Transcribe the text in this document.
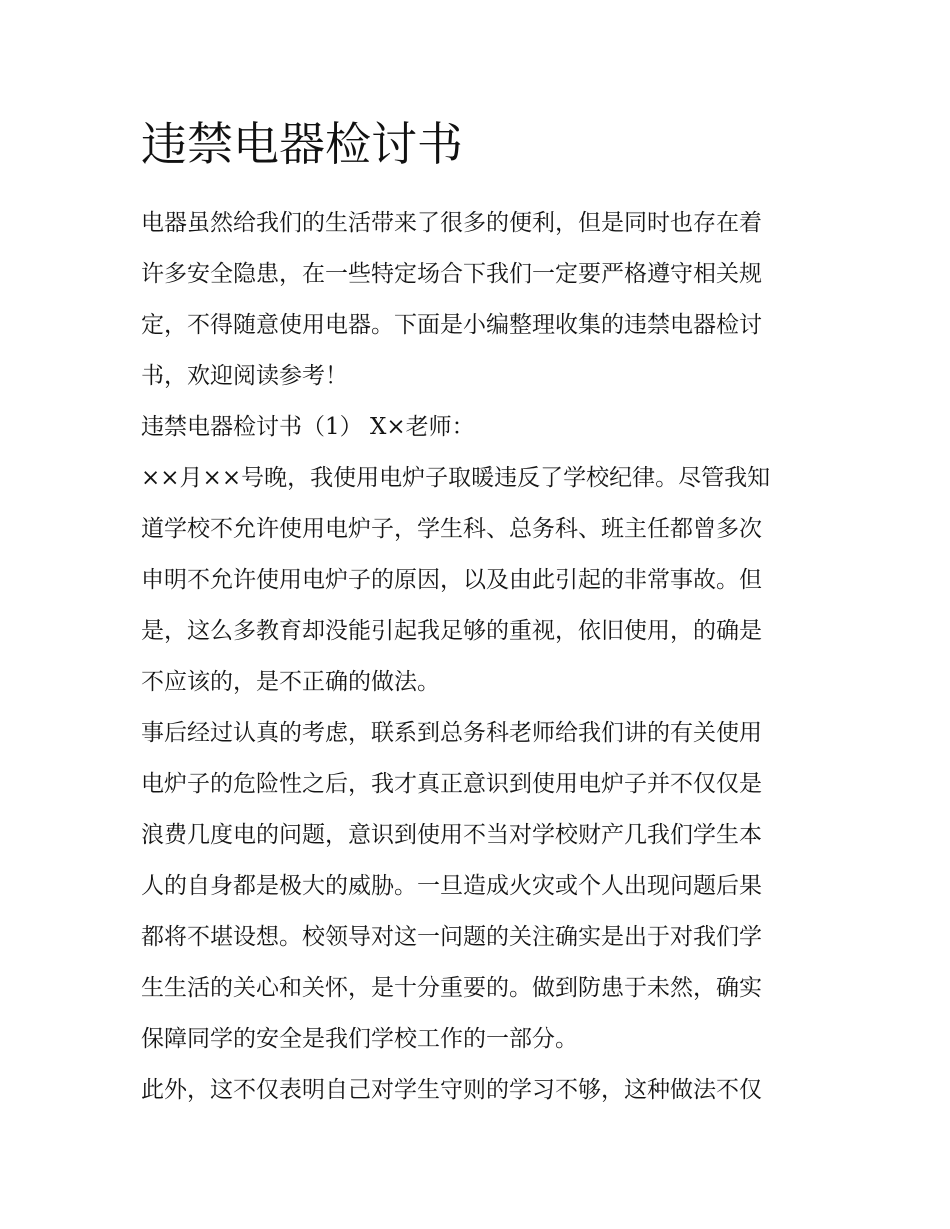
违禁电器检讨书
电器虽然给我们的生活带来了很多的便利，但是同时也存在着
许多安全隐患，在一些特定场合下我们一定要严格遵守相关规
定，不得随意使用电器。下面是小编整理收集的违禁电器检讨
书，欢迎阅读参考！
违禁电器检讨书（1） X×老师：
××月××号晚，我使用电炉子取暖违反了学校纪律。尽管我知
道学校不允许使用电炉子，学生科、总务科、班主任都曾多次
申明不允许使用电炉子的原因，以及由此引起的非常事故。但
是，这么多教育却没能引起我足够的重视，依旧使用，的确是
不应该的，是不正确的做法。
事后经过认真的考虑，联系到总务科老师给我们讲的有关使用
电炉子的危险性之后，我才真正意识到使用电炉子并不仅仅是
浪费几度电的问题，意识到使用不当对学校财产几我们学生本
人的自身都是极大的威胁。一旦造成火灾或个人出现问题后果
都将不堪设想。校领导对这一问题的关注确实是出于对我们学
生生活的关心和关怀，是十分重要的。做到防患于未然，确实
保障同学的安全是我们学校工作的一部分。
此外，这不仅表明自己对学生守则的学习不够，这种做法不仅
